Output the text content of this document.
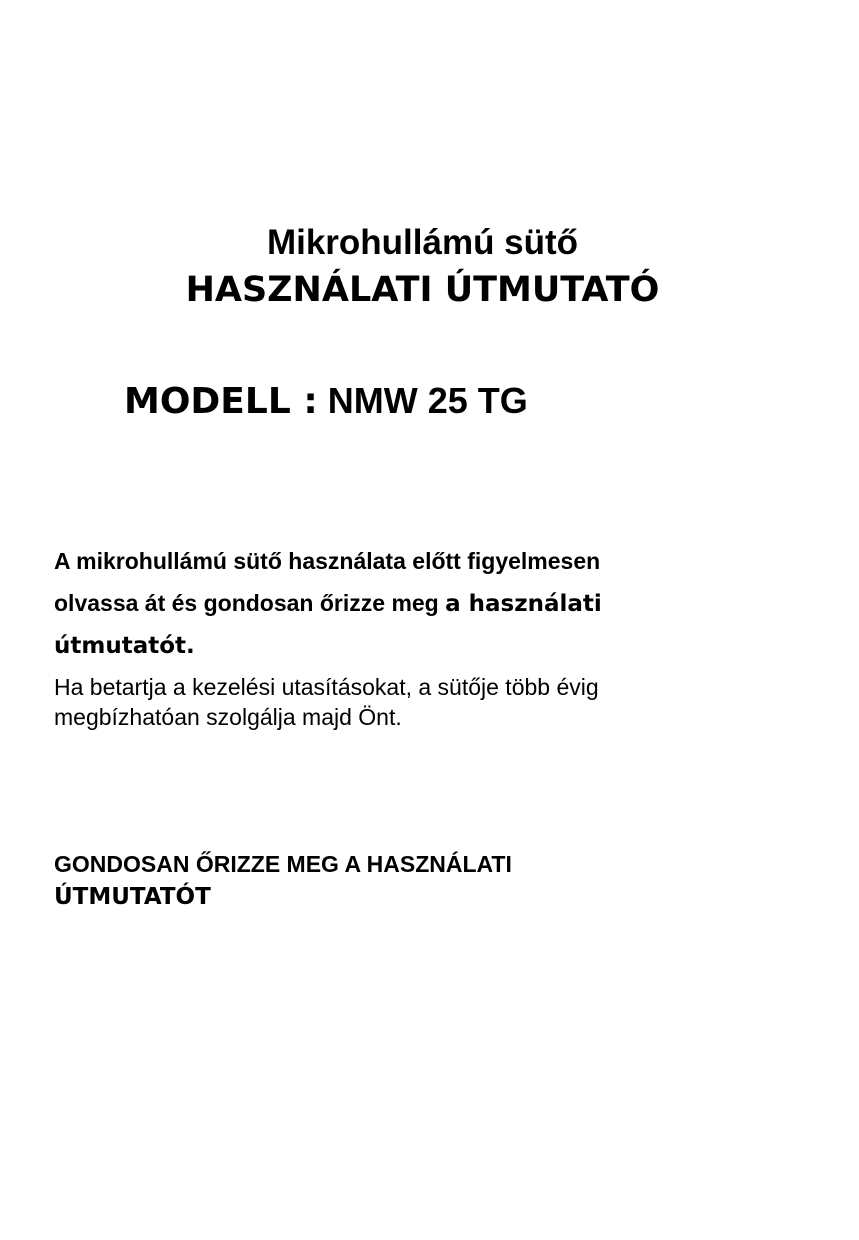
Mikrohullámú sütő
HASZNÁLATI ÚTMUTATÓ
MODELL : NMW 25 TG
A mikrohullámú sütő használata előtt figyelmesen
olvassa át és gondosan őrizze meg a használati
útmutatót.
Ha betartja a kezelési utasításokat, a sütője több évig
megbízhatóan szolgálja majd Önt.
GONDOSAN ŐRIZZE MEG A HASZNÁLATI
ÚTMUTATÓT
